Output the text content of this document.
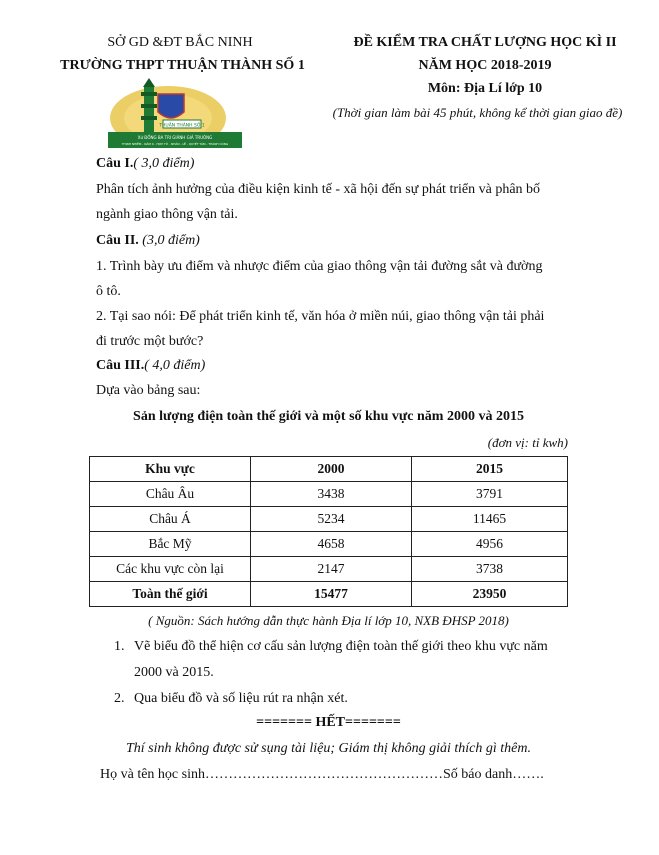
SỞ GD &ĐT BẮC NINH
TRƯỜNG THPT THUẬN THÀNH SỐ 1
ĐỀ KIỂM TRA CHẤT LƯỢNG HỌC KÌ II
NĂM HỌC 2018-2019
Môn: Địa Lí lớp 10
(Thời gian làm bài 45 phút, không kể thời gian giao đề)
THUẬN THÀNH SỐ 1
Xứ ĐỒNG BA TRI GIÀNH GIẢ TRUÔNG
THỊNH NHIỄM - NĂM 0 - HỢP TỬ - NHÂN - LỄ - QUYẾT TÂM - THÀNH CÔNG
Câu I.( 3,0 điểm)
Phân tích ảnh hưởng của điều kiện kinh tế - xã hội đến sự phát triển và phân bố
ngành giao thông vận tải.
Câu II. (3,0 điểm)
1. Trình bày ưu điểm và nhược điểm của giao thông vận tải đường sắt và đường
ô tô.
2. Tại sao nói: Để phát triển kinh tế, văn hóa ở miền núi, giao thông vận tải phải
đi trước một bước?
Câu III.( 4,0 điểm)
Dựa vào bảng sau:
Sản lượng điện toàn thế giới và một số khu vực năm 2000 và 2015
(đơn vị: tỉ kwh)
Khu vực	2000	2015
Châu Âu	3438	3791
Châu Á	5234	11465
Bắc Mỹ	4658	4956
Các khu vực còn lại	2147	3738
Toàn thế giới	15477	23950
( Nguồn: Sách hướng dẫn thực hành Địa lí lớp 10, NXB ĐHSP 2018)
1. Vẽ biểu đồ thể hiện cơ cấu sản lượng điện toàn thế giới theo khu vực năm
2000 và 2015.
2. Qua biểu đồ và số liệu rút ra nhận xét.
======= HẾT=======
Thí sinh không được sử sụng tài liệu; Giám thị không giải thích gì thêm.
Họ và tên học sinh……………………………………………Số báo danh…….
